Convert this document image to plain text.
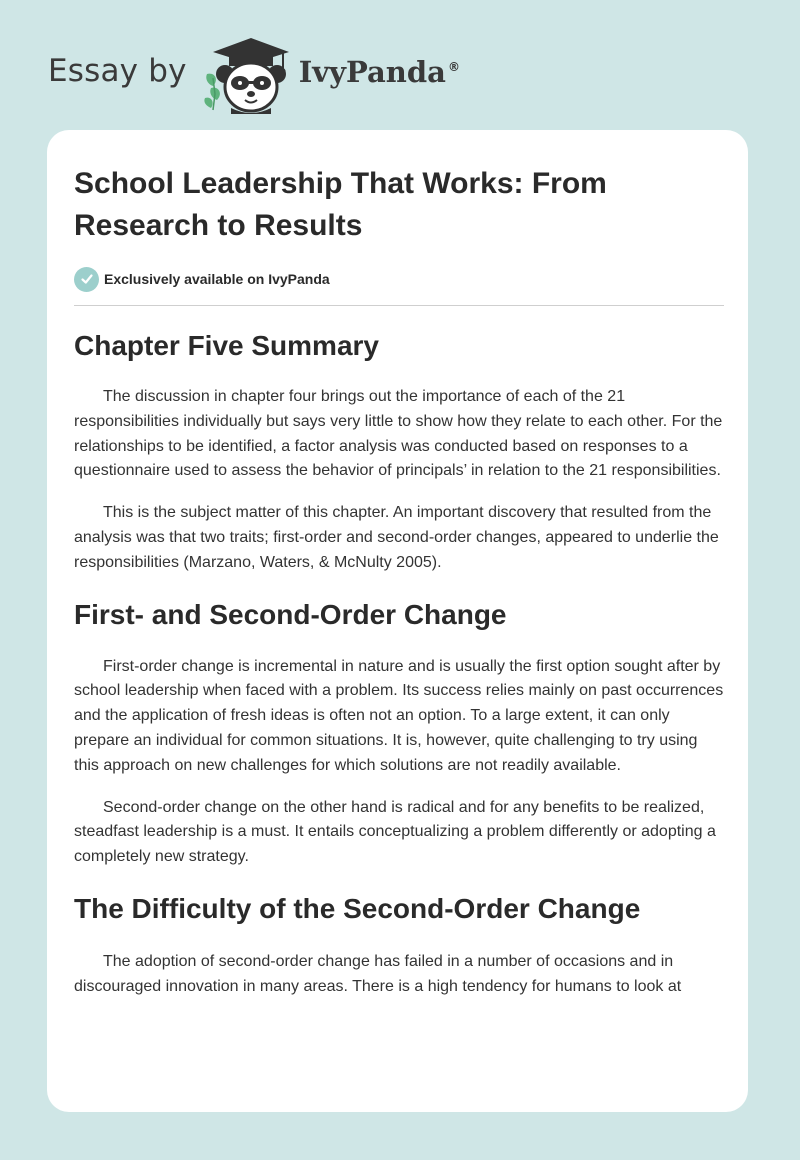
Essay by	IvyPanda ®
School Leadership That Works: From Research to Results
Exclusively available on IvyPanda
Chapter Five Summary

The discussion in chapter four brings out the importance of each of the 21 responsibilities individually but says very little to show how they relate to each other. For the relationships to be identified, a factor analysis was conducted based on responses to a questionnaire used to assess the behavior of principals’ in relation to the 21 responsibilities.

This is the subject matter of this chapter. An important discovery that resulted from the analysis was that two traits; first-order and second-order changes, appeared to underlie the responsibilities (Marzano, Waters, & McNulty 2005).

First- and Second-Order Change

First-order change is incremental in nature and is usually the first option sought after by school leadership when faced with a problem. Its success relies mainly on past occurrences and the application of fresh ideas is often not an option. To a large extent, it can only prepare an individual for common situations. It is, however, quite challenging to try using this approach on new challenges for which solutions are not readily available.

Second-order change on the other hand is radical and for any benefits to be realized, steadfast leadership is a must. It entails conceptualizing a problem differently or adopting a completely new strategy.

The Difficulty of the Second-Order Change

The adoption of second-order change has failed in a number of occasions and in discouraged innovation in many areas. There is a high tendency for humans to look at
